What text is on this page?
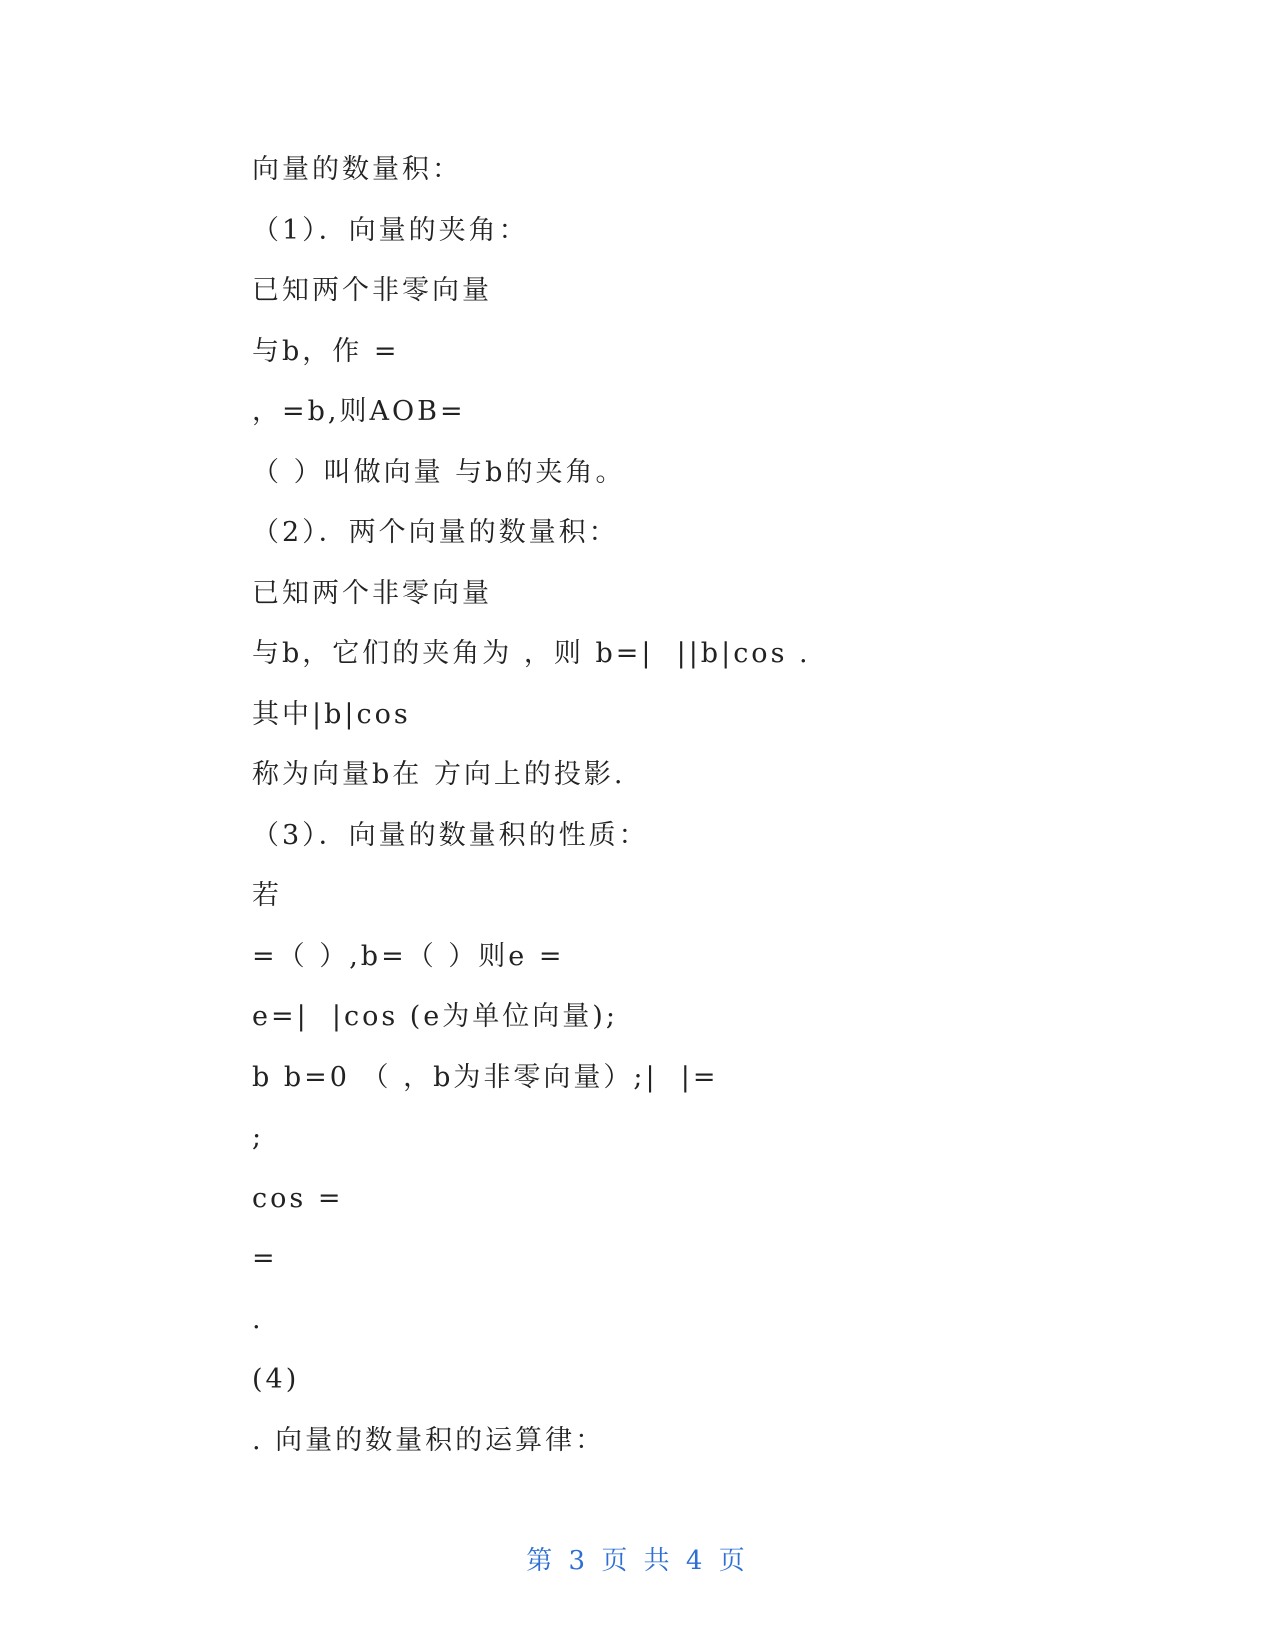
向量的数量积：
（1）．向量的夹角：
已知两个非零向量
与b，作 =
，=b,则AOB=
（ ）叫做向量 与b的夹角。
（2）．两个向量的数量积：
已知两个非零向量
与b，它们的夹角为 ，则 b=|  ||b|cos .
其中|b|cos
称为向量b在 方向上的投影.
（3）．向量的数量积的性质：
若
=（ ）,b=（ ）则e =
e=|  |cos (e为单位向量);
b b=0 （ ，b为非零向量）;|  |=
;
cos =
=
.
(4)
. 向量的数量积的运算律：
第 3 页 共 4 页
